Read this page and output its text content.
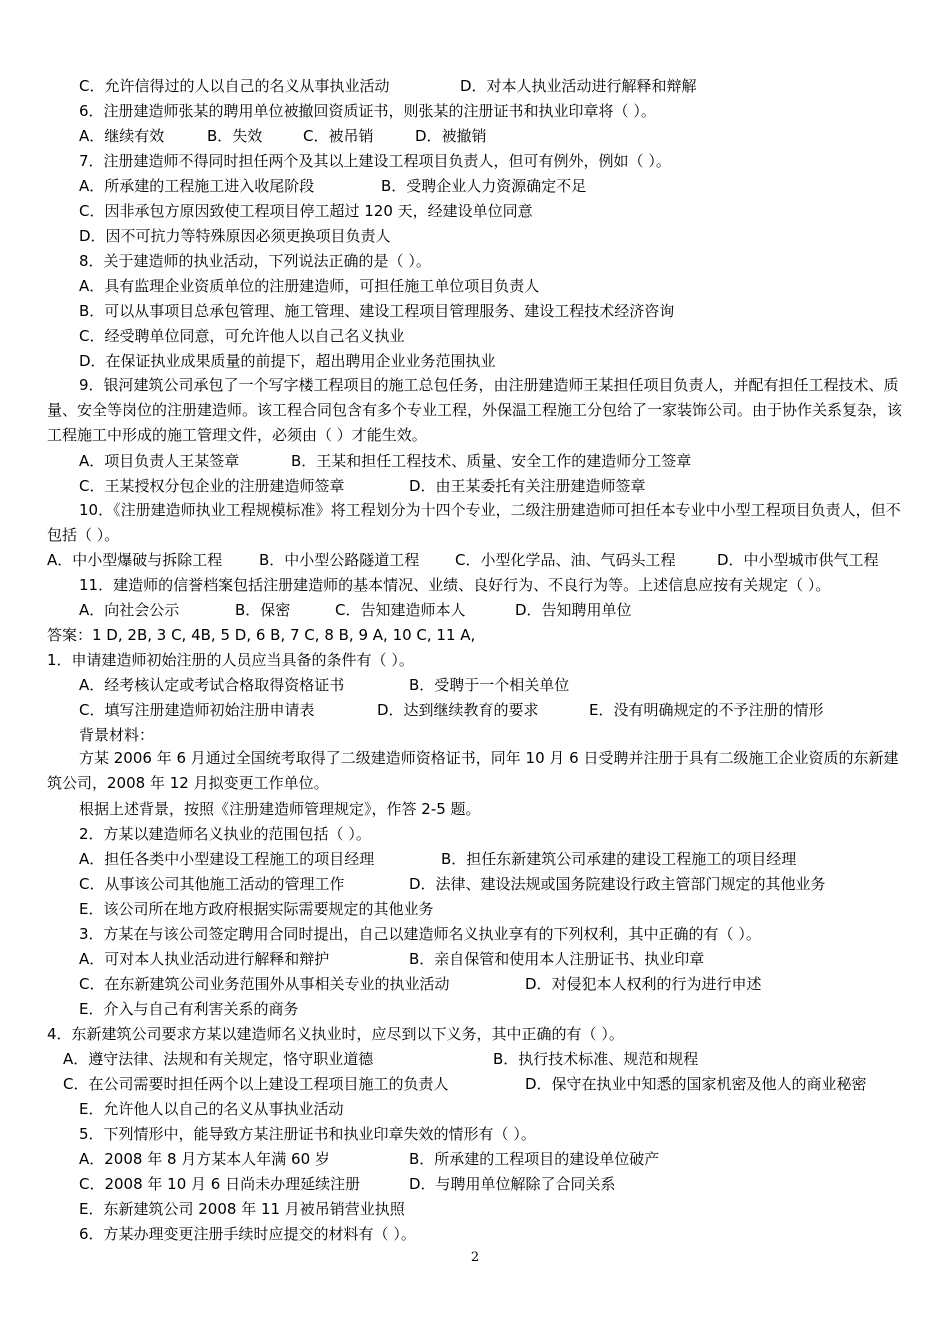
C．允许信得过的人以自己的名义从事执业活动	D．对本人执业活动进行解释和辩解
6．注册建造师张某的聘用单位被撤回资质证书，则张某的注册证书和执业印章将（ ）。
A．继续有效	B．失效	C．被吊销	D．被撤销
7．注册建造师不得同时担任两个及其以上建设工程项目负责人，但可有例外，例如（ ）。
A．所承建的工程施工进入收尾阶段	B．受聘企业人力资源确定不足
C．因非承包方原因致使工程项目停工超过 120 天，经建设单位同意
D．因不可抗力等特殊原因必须更换项目负责人
8．关于建造师的执业活动，下列说法正确的是（ ）。
A．具有监理企业资质单位的注册建造师，可担任施工单位项目负责人
B．可以从事项目总承包管理、施工管理、建设工程项目管理服务、建设工程技术经济咨询
C．经受聘单位同意，可允许他人以自己名义执业
D．在保证执业成果质量的前提下，超出聘用企业业务范围执业
9．银河建筑公司承包了一个写字楼工程项目的施工总包任务，由注册建造师王某担任项目负责人，并配有担任工程技术、质量、安全等岗位的注册建造师。该工程合同包含有多个专业工程，外保温工程施工分包给了一家装饰公司。由于协作关系复杂，该工程施工中形成的施工管理文件，必须由（ ）才能生效。
A．项目负责人王某签章	B．王某和担任工程技术、质量、安全工作的建造师分工签章
C．王某授权分包企业的注册建造师签章	D．由王某委托有关注册建造师签章
10．《注册建造师执业工程规模标准》将工程划分为十四个专业，二级注册建造师可担任本专业中小型工程项目负责人，但不包括（ ）。
A．中小型爆破与拆除工程 B．中小型公路隧道工程 C．小型化学品、油、气码头工程	D．中小型城市供气工程
11．建造师的信誉档案包括注册建造师的基本情况、业绩、良好行为、不良行为等。上述信息应按有关规定（ ）。
A．向社会公示	B．保密	C．告知建造师本人	D．告知聘用单位
答案：1 D, 2B, 3 C, 4B, 5 D, 6 B, 7 C, 8 B, 9 A, 10 C, 11 A,
1．申请建造师初始注册的人员应当具备的条件有（ ）。
A．经考核认定或考试合格取得资格证书	B．受聘于一个相关单位
C．填写注册建造师初始注册申请表	D．达到继续教育的要求	E．没有明确规定的不予注册的情形
背景材料：
方某 2006 年 6 月通过全国统考取得了二级建造师资格证书，同年 10 月 6 日受聘并注册于具有二级施工企业资质的东新建筑公司，2008 年 12 月拟变更工作单位。
根据上述背景，按照《注册建造师管理规定》，作答 2-5 题。
2．方某以建造师名义执业的范围包括（ ）。
A．担任各类中小型建设工程施工的项目经理	B．担任东新建筑公司承建的建设工程施工的项目经理
C．从事该公司其他施工活动的管理工作	D．法律、建设法规或国务院建设行政主管部门规定的其他业务
E．该公司所在地方政府根据实际需要规定的其他业务
3．方某在与该公司签定聘用合同时提出，自己以建造师名义执业享有的下列权利，其中正确的有（ ）。
A．可对本人执业活动进行解释和辩护	B．亲自保管和使用本人注册证书、执业印章
C．在东新建筑公司业务范围外从事相关专业的执业活动	D．对侵犯本人权利的行为进行申述
E．介入与自己有利害关系的商务
4．东新建筑公司要求方某以建造师名义执业时，应尽到以下义务，其中正确的有（ ）。
A．遵守法律、法规和有关规定，恪守职业道德	B．执行技术标准、规范和规程
C．在公司需要时担任两个以上建设工程项目施工的负责人	D．保守在执业中知悉的国家机密及他人的商业秘密
E．允许他人以自己的名义从事执业活动
5．下列情形中，能导致方某注册证书和执业印章失效的情形有（ ）。
A．2008 年 8 月方某本人年满 60 岁	B．所承建的工程项目的建设单位破产
C．2008 年 10 月 6 日尚未办理延续注册	D．与聘用单位解除了合同关系
E．东新建筑公司 2008 年 11 月被吊销营业执照
6．方某办理变更注册手续时应提交的材料有（ ）。
2
